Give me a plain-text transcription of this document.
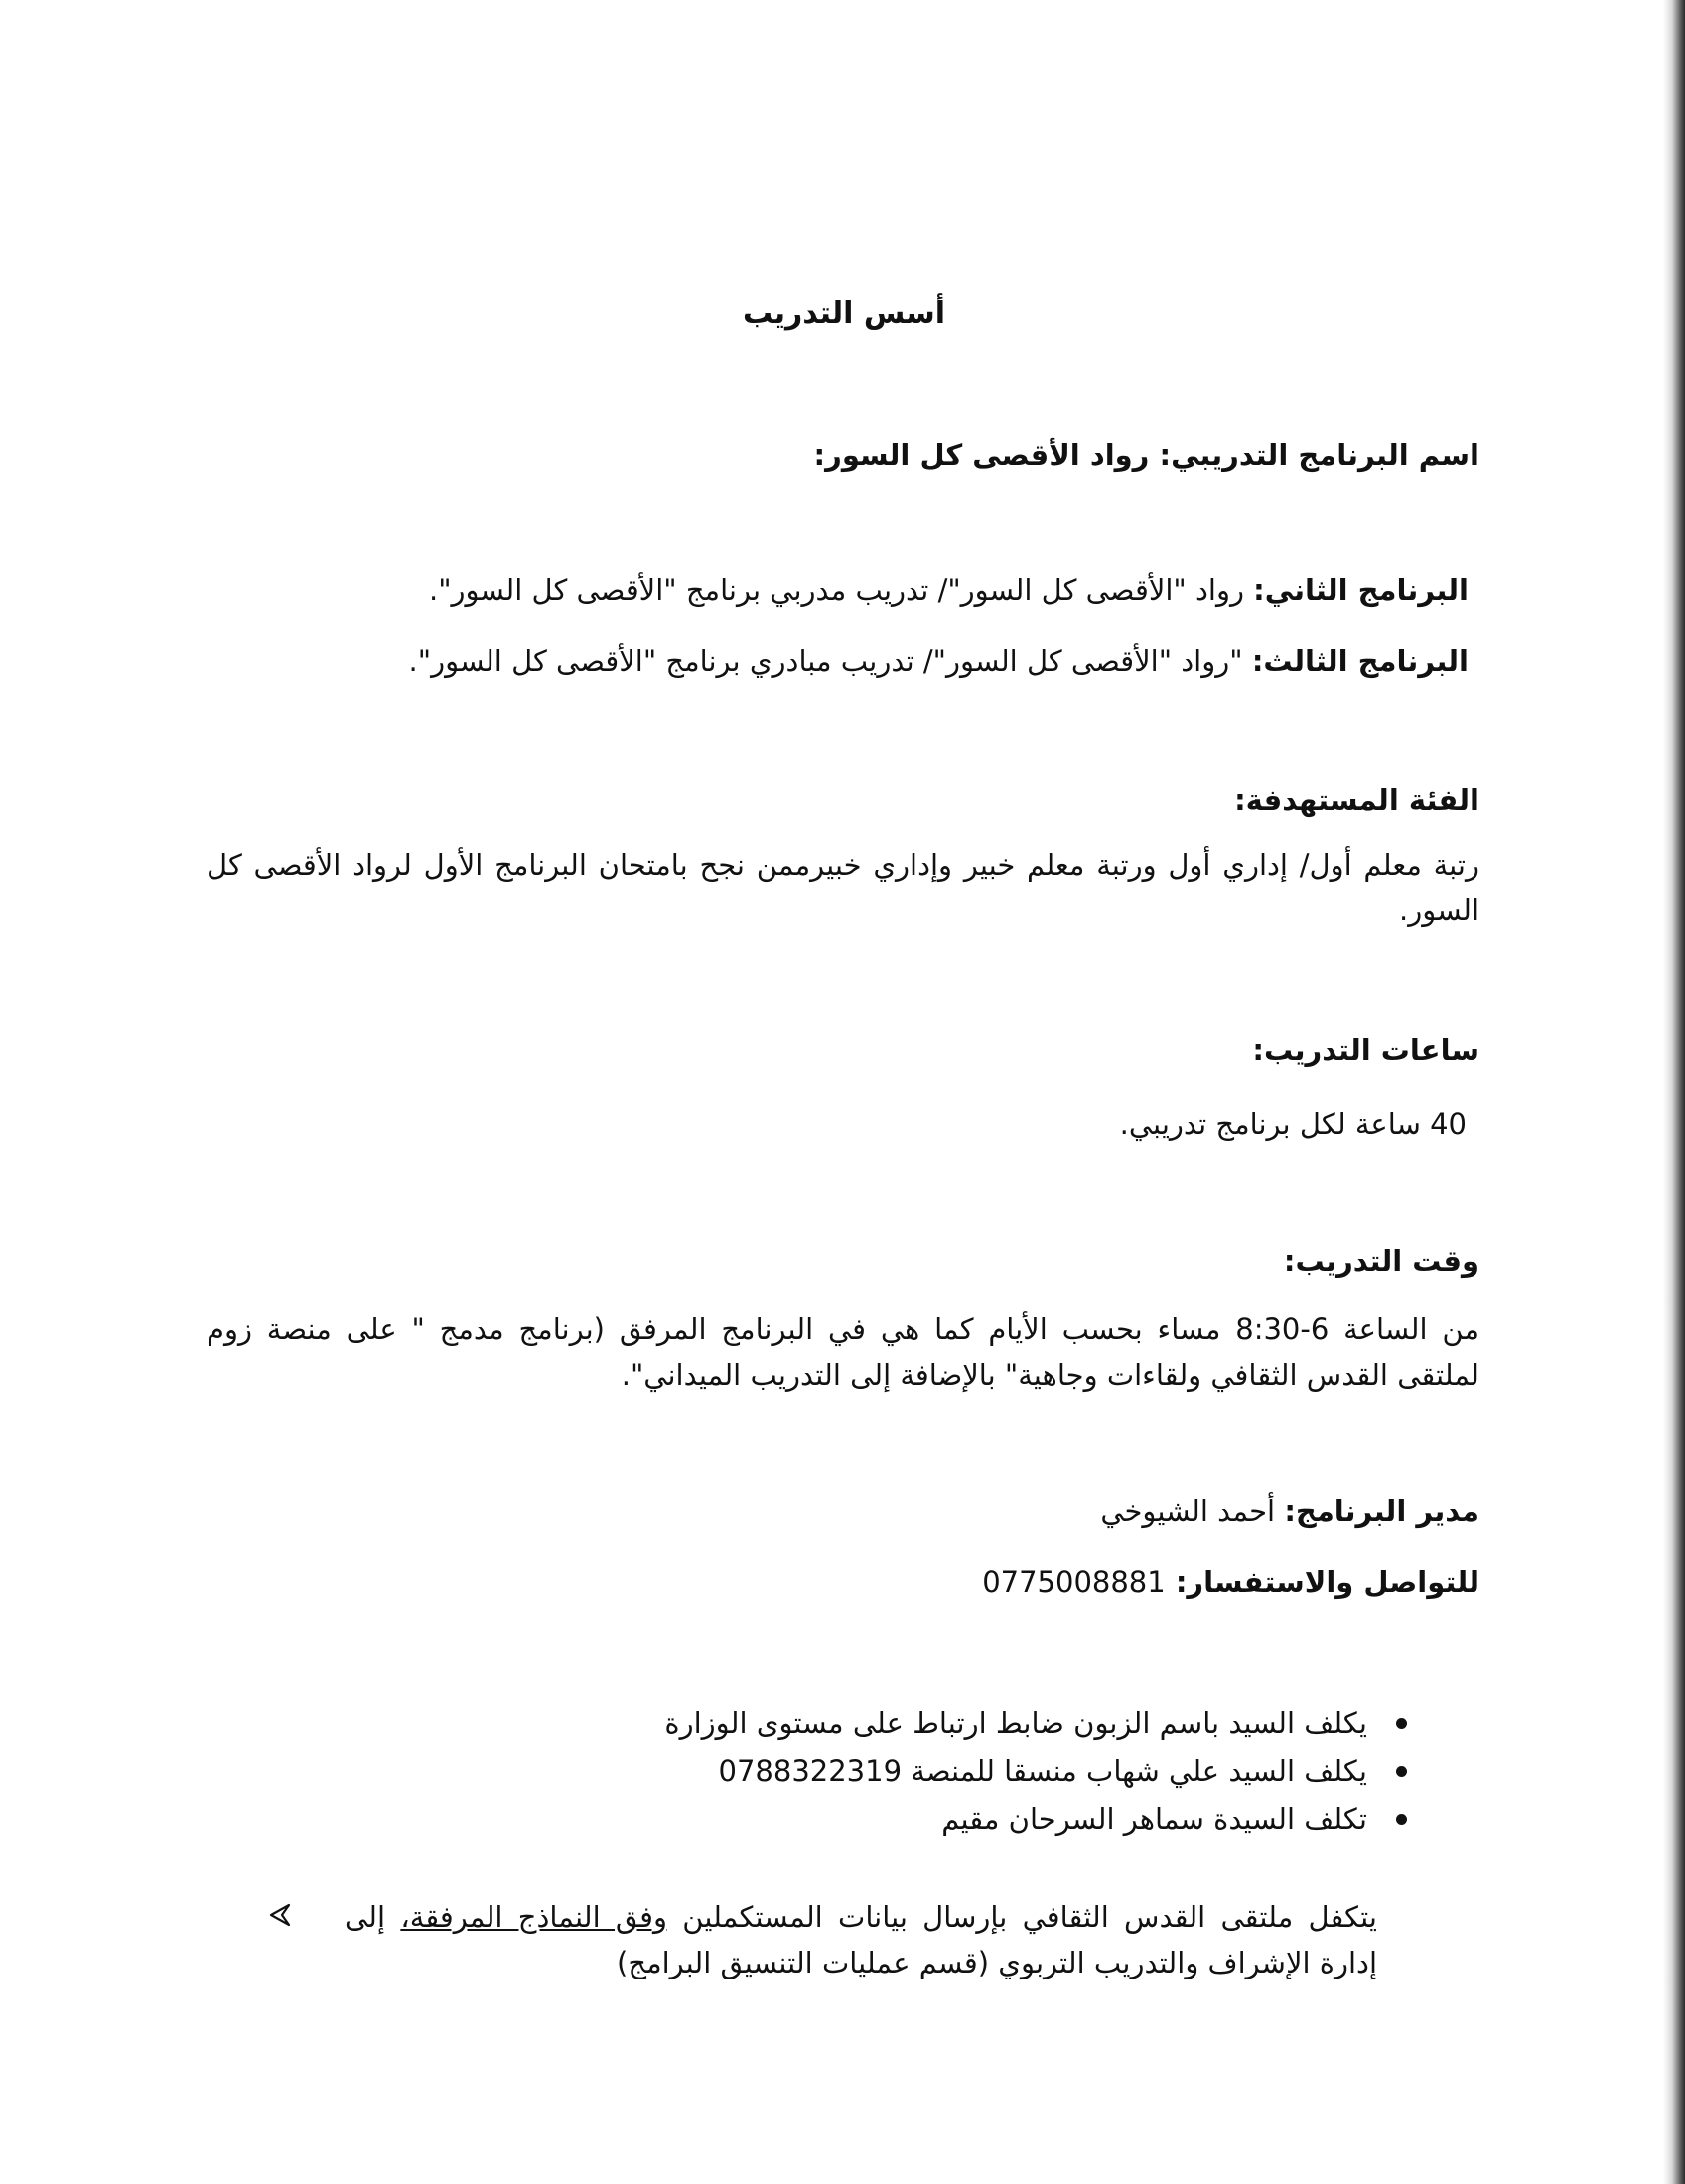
أسس التدريب
اسم البرنامج التدريبي: رواد الأقصى كل السور:
البرنامج الثاني: رواد "الأقصى كل السور"/ تدريب مدربي برنامج "الأقصى كل السور".
البرنامج الثالث: "رواد "الأقصى كل السور"/ تدريب مبادري برنامج "الأقصى كل السور".
الفئة المستهدفة:
رتبة معلم أول/ إداري أول ورتبة معلم خبير وإداري خبيرممن نجح بامتحان البرنامج الأول لرواد الأقصى كل السور.
ساعات التدريب:
40 ساعة لكل برنامج تدريبي.
وقت التدريب:
من الساعة 6-8:30 مساء بحسب الأيام كما هي في البرنامج المرفق (برنامج مدمج " على منصة زوم لملتقى القدس الثقافي ولقاءات وجاهية" بالإضافة إلى التدريب الميداني".
مدير البرنامج: أحمد الشيوخي
للتواصل والاستفسار: 0775008881
يكلف السيد باسم الزبون ضابط ارتباط على مستوى الوزارة
يكلف السيد علي شهاب منسقا للمنصة 0788322319
تكلف السيدة سماهر السرحان مقيم
يتكفل ملتقى القدس الثقافي بإرسال بيانات المستكملين وفق النماذج المرفقة، إلى إدارة الإشراف والتدريب التربوي (قسم عمليات التنسيق البرامج)
